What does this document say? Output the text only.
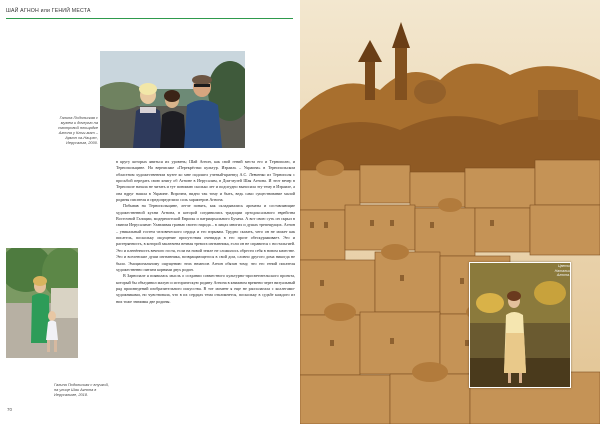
ШАЙ АГНОН или ГЕНИЙ МЕСТА
Галина Подольская с мужем и дочерью на смотровой площадке Агнона у Кльы-мат – Армон ха-Нацив», Иерусалим, 2000.
Галина Подольская с внучкой, на улице Шаи Агнона в Иерусалиме, 2018.

в кругу которых явиться их уровень; Шай Агнон, как свой гений места его и Тернополю, и Тернопольщине. На вернисаже «Перекрёстки культур. Израиль – Украина» в Тернопольском областном художественном музее ко мне подошел ученый-краевед А.С. Левченко из Тернополя с просьбой передать свою книгу об Агноне в Иерусалим, в Дом-музей Шая Агнона. И этот вечер в Тернополе начала не читать и тут понимаю сколько лет и подспудно выносила эту тему в Израиле, а она вдруг нашла в Украине. Впрочем, видно так тому и быть, ведь само существование малой родины писателя и предопределило соль характеров Агнона.

Побывав на Тернопольщине, легче понять, как складывались ароматы и составляющие художественной кухни Агнона, в которой соединились традиции ортодоксального еврейства Восточной Галиции, модернистской Европы и патриархального Бучача. А вот свою суть он скрыл в святом Иерусалиме: Улавливая гранью своего народа – в лицах многих и душах трепещущих. Агнон – уникальный гостем человеческого сердца и его взрывам. Трудно сказать, чего он не может как писатель, поскольку ощущение присутствия очевидца в его прозе обескураживает. Это и растерянность, в которой заключена вечная тревога изгнанника, если он не справится с ностальгией. Это и пленённость вечного гостя, если на новой земле не сложилось обрести себя в новом качестве. Это и вселенские души изгнанника, возвращающегося в свой дом, словно другого дома никогда не было. Эмоциональному ощущению этих нюансов Агнон обязан тому, что его гений писателя художественно питаем корнями двух родин.

В Зарнопале я появилась мысль о создании совместного культурно-просветительского проекта, который бы объединил малую и историческую родину Агнона в книжном времени через визуальный ряд произведений изобразительного искусства. В тот момент я еще не располагала с коллегами-художниками, но чувствовала, что в их сердцах тема откликнется, поскольку в судьбе каждого из них тоже значимы две родины.

70
Цветы Натальи Агнона.
